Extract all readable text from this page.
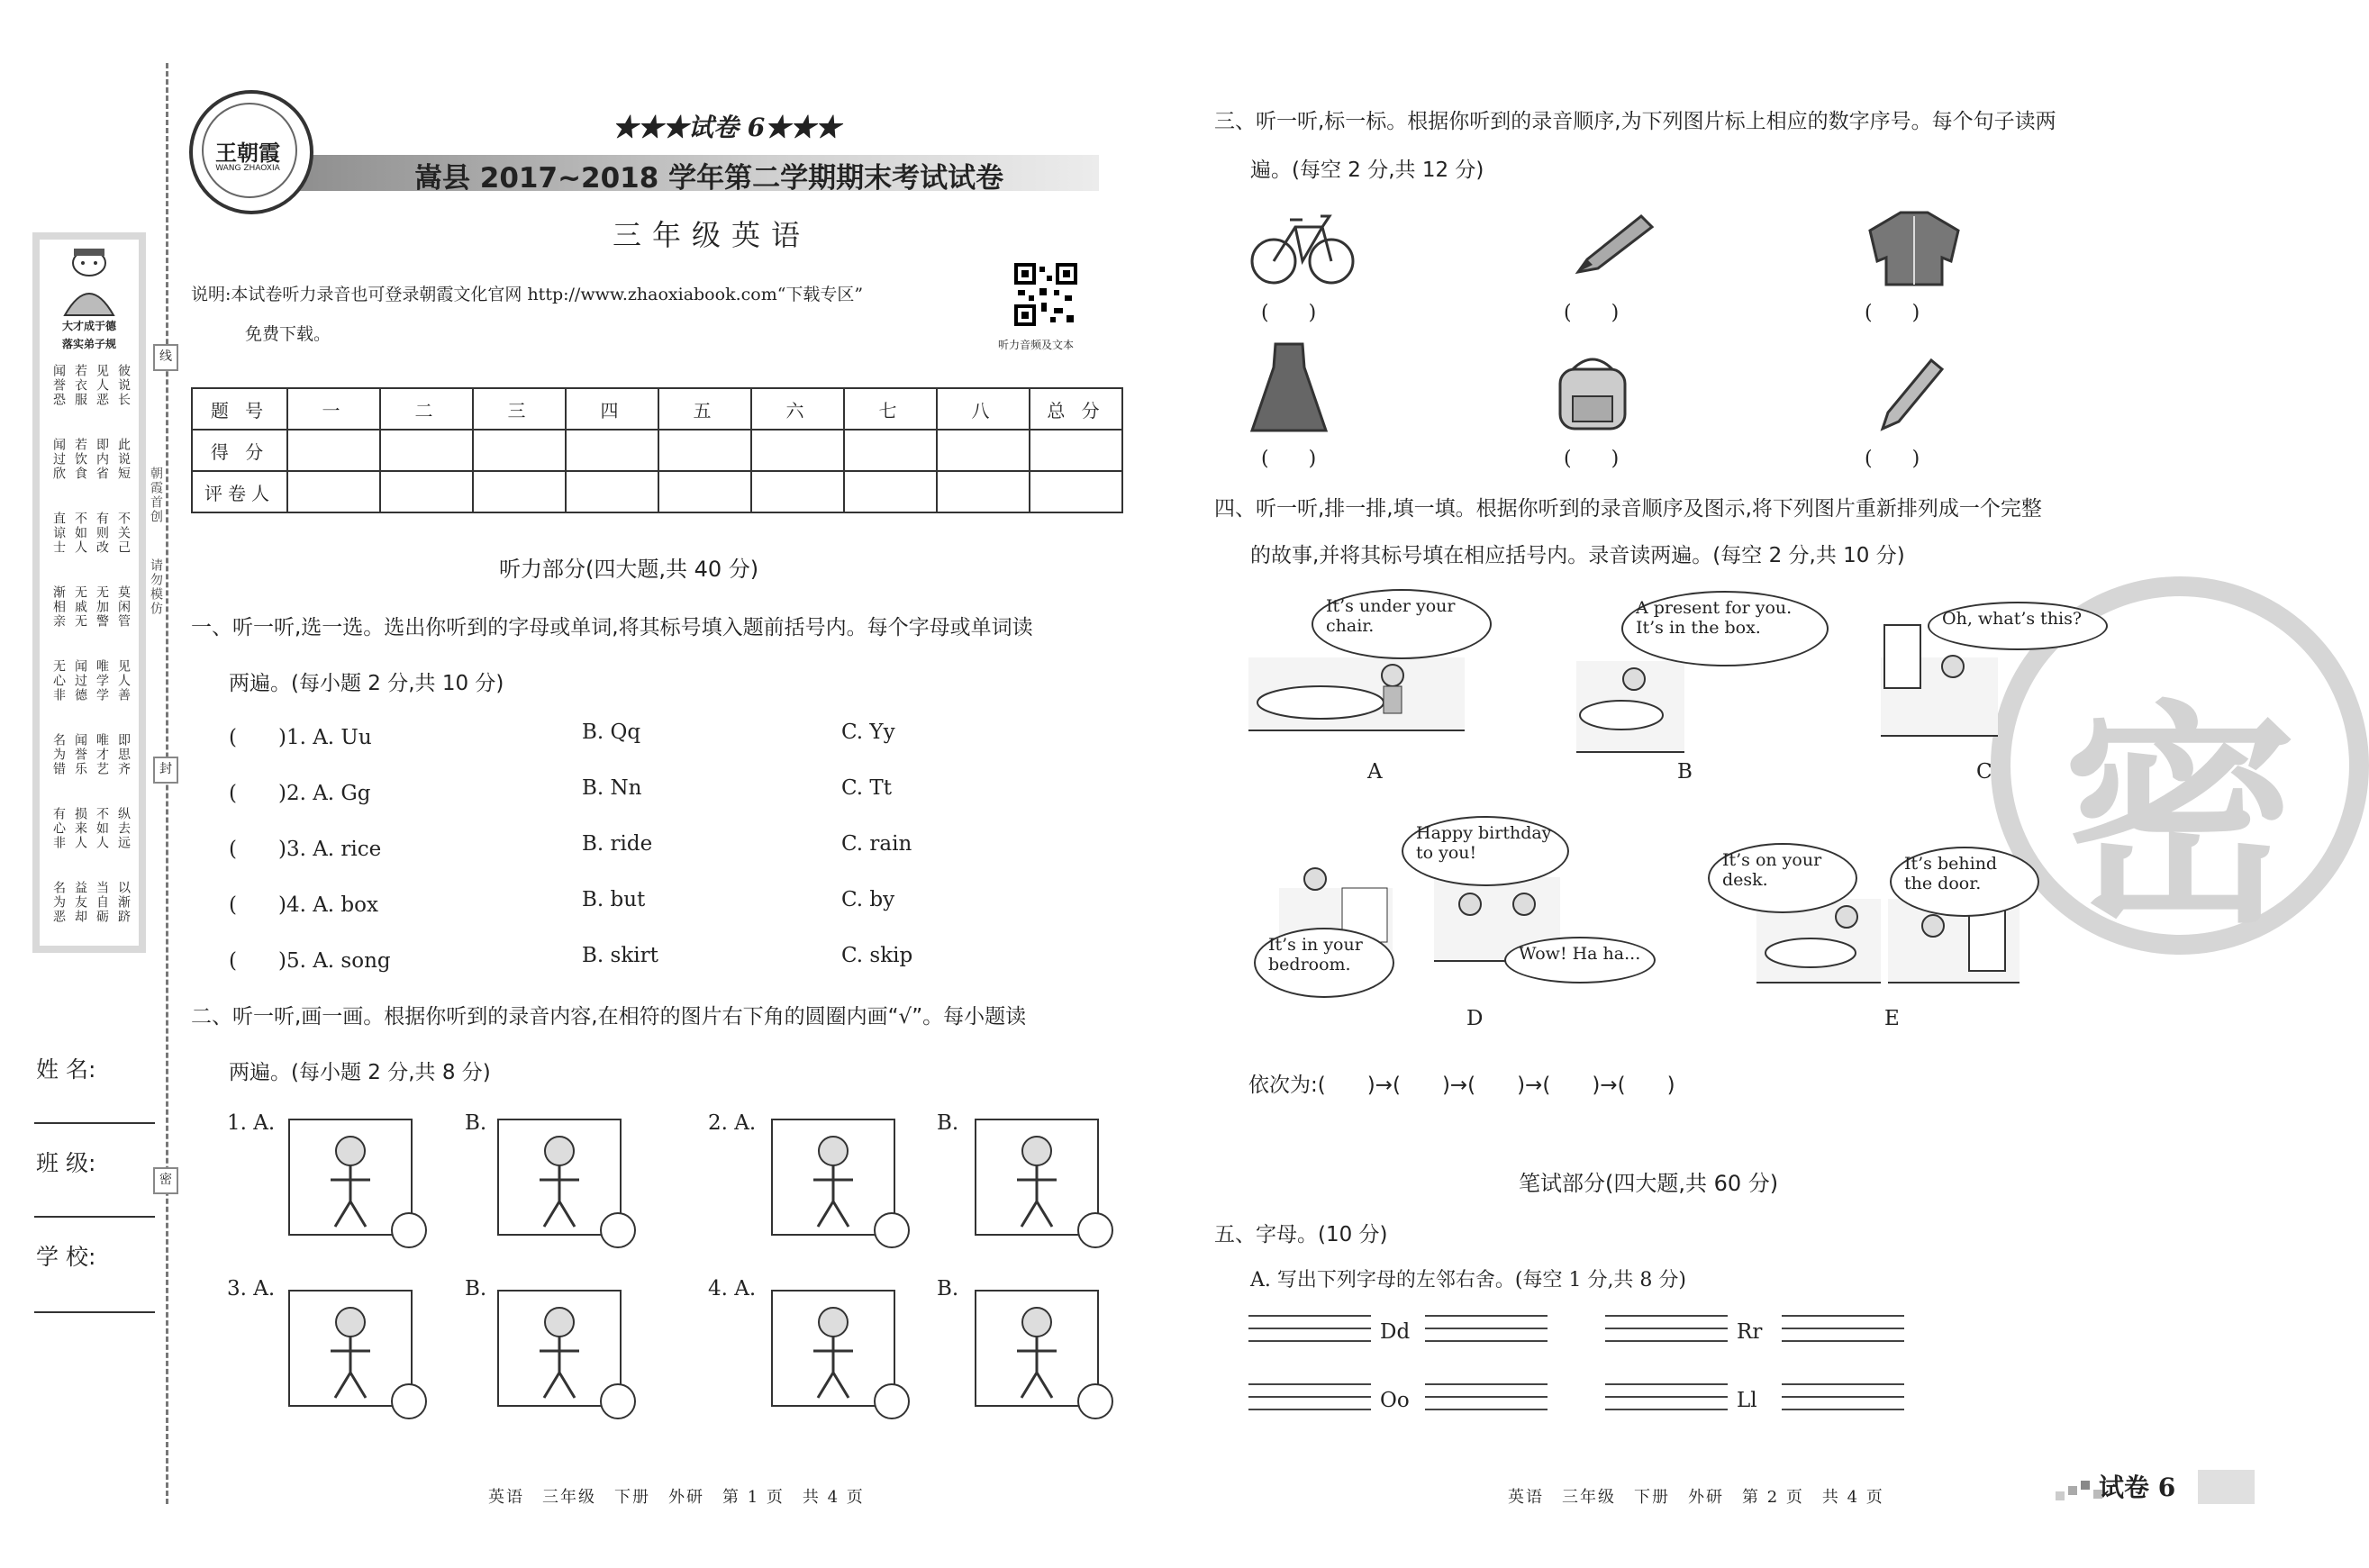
大才成于德
落实弟子规
闻誉恐 若衣服 见人恶 彼说长
闻过欣 若饮食 即内省 此说短
直谅士 不如人 有则改 不关己
渐相亲 无戚无 无加警 莫闲管
无心非 闻过德 唯学学 见人善
名为错 闻誉乐 唯才艺 即思齐
有心非 损来人 不如人 纵去远
名为恶 益友却 当自砺 以渐跻
线
封
密
朝霞首创
请勿模仿
姓 名:
班 级:
学 校:
王朝霞
WANG ZHAOXIA
★★★试卷 6★★★
嵩县 2017~2018 学年第二学期期末考试试卷
三年级英语
说明:本试卷听力录音也可登录朝霞文化官网 http://www.zhaoxiabook.com“下载专区”
免费下载。
听力音频及文本
题 号	一	二	三	四	五	六	七	八	总 分
得 分									
评卷人									
听力部分(四大题,共 40 分)
一、听一听,选一选。选出你听到的字母或单词,将其标号填入题前括号内。每个字母或单词读
两遍。(每小题 2 分,共 10 分)
(　　)1. A. Uu	B. Qq	C. Yy
(　　)2. A. Gg	B. Nn	C. Tt
(　　)3. A. rice	B. ride	C. rain
(　　)4. A. box	B. but	C. by
(　　)5. A. song	B. skirt	C. skip
二、听一听,画一画。根据你听到的录音内容,在相符的图片右下角的圆圈内画“√”。每小题读
两遍。(每小题 2 分,共 8 分)
1. A.	B.	2. A.	B.
3. A.	B.	4. A.	B.
三、听一听,标一标。根据你听到的录音顺序,为下列图片标上相应的数字序号。每个句子读两
遍。(每空 2 分,共 12 分)
(　　)	(　　)	(　　)
(　　)	(　　)	(　　)
四、听一听,排一排,填一填。根据你听到的录音顺序及图示,将下列图片重新排列成一个完整
的故事,并将其标号填在相应括号内。录音读两遍。(每空 2 分,共 10 分)
密
It’s under your chair.
A present for you. It’s in the box.	Oh, what’s this?
A	B	C
Happy birthday to you!
It’s in your bedroom.
Wow! Ha ha...
It’s on your desk.
It’s behind the door.
D	E
依次为:(　　)→(　　)→(　　)→(　　)→(　　)
笔试部分(四大题,共 60 分)
五、字母。(10 分)
A. 写出下列字母的左邻右舍。(每空 1 分,共 8 分)
Dd	Rr
Oo	Ll
英语　三年级　下册　外研　第 1 页　共 4 页	英语　三年级　下册　外研　第 2 页　共 4 页	试卷 6
